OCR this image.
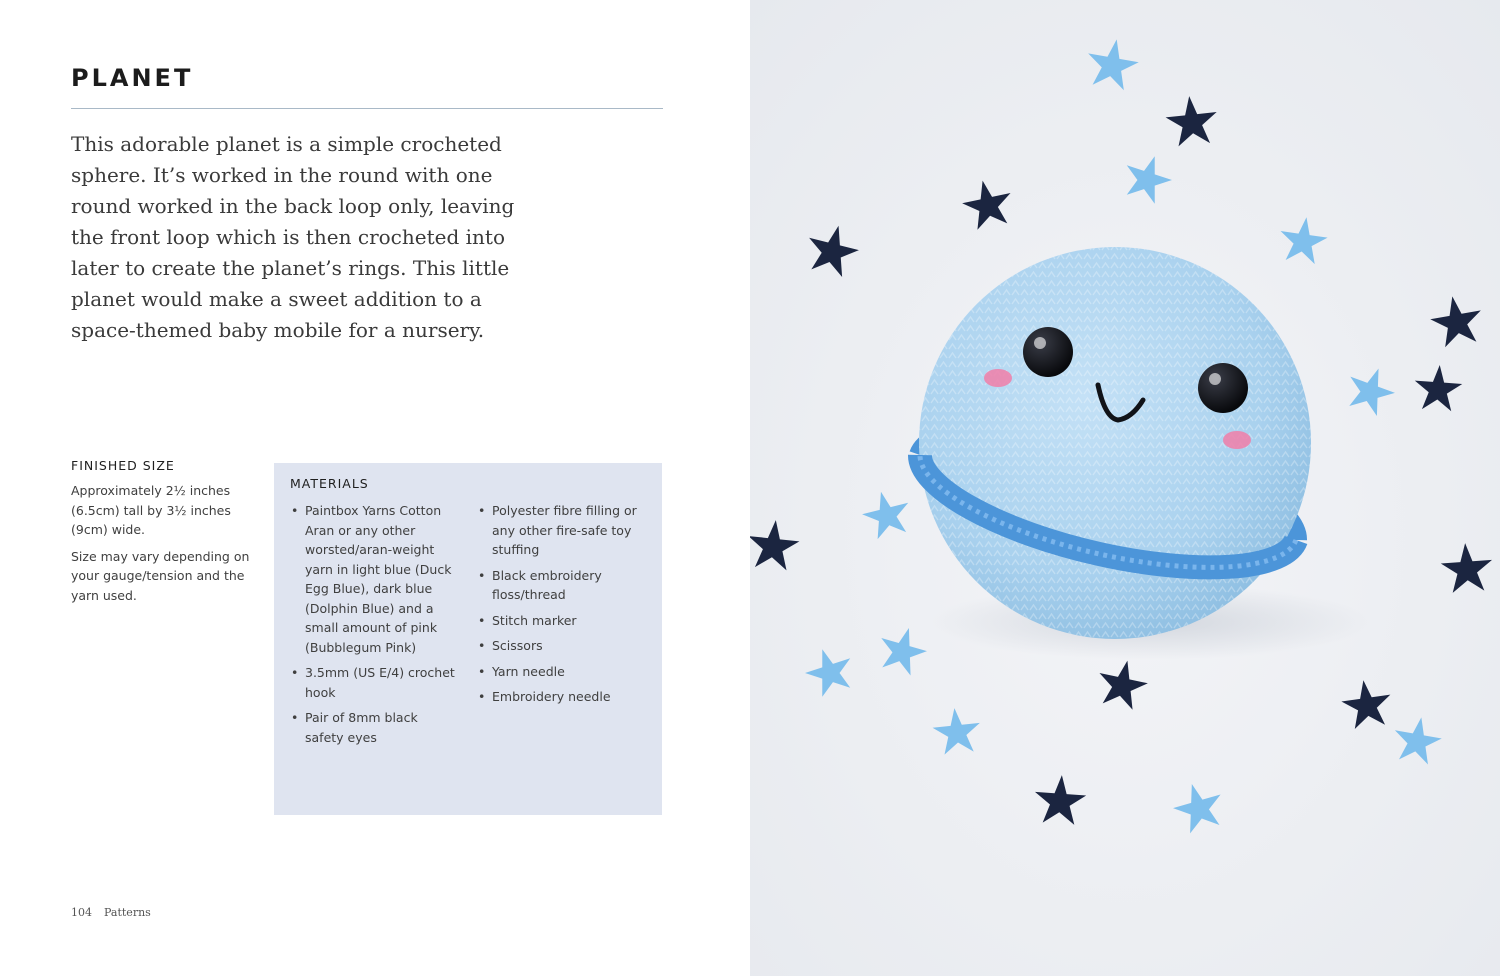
PLANET

This adorable planet is a simple crocheted sphere. It’s worked in the round with one round worked in the back loop only, leaving the front loop which is then crocheted into later to create the planet’s rings. This little planet would make a sweet addition to a space-themed baby mobile for a nursery.

FINISHED SIZE

Approximately 2½ inches (6.5cm) tall by 3½ inches (9cm) wide.

Size may vary depending on your gauge/tension and the yarn used.

MATERIALS
• Paintbox Yarns Cotton Aran or any other worsted/aran-weight yarn in light blue (Duck Egg Blue), dark blue (Dolphin Blue) and a small amount of pink (Bubblegum Pink)
• 3.5mm (US E/4) crochet hook
• Pair of 8mm black safety eyes
• Polyester fibre filling or any other fire-safe toy stuffing
• Black embroidery floss/thread
• Stitch marker
• Scissors
• Yarn needle
• Embroidery needle
104 Patterns
